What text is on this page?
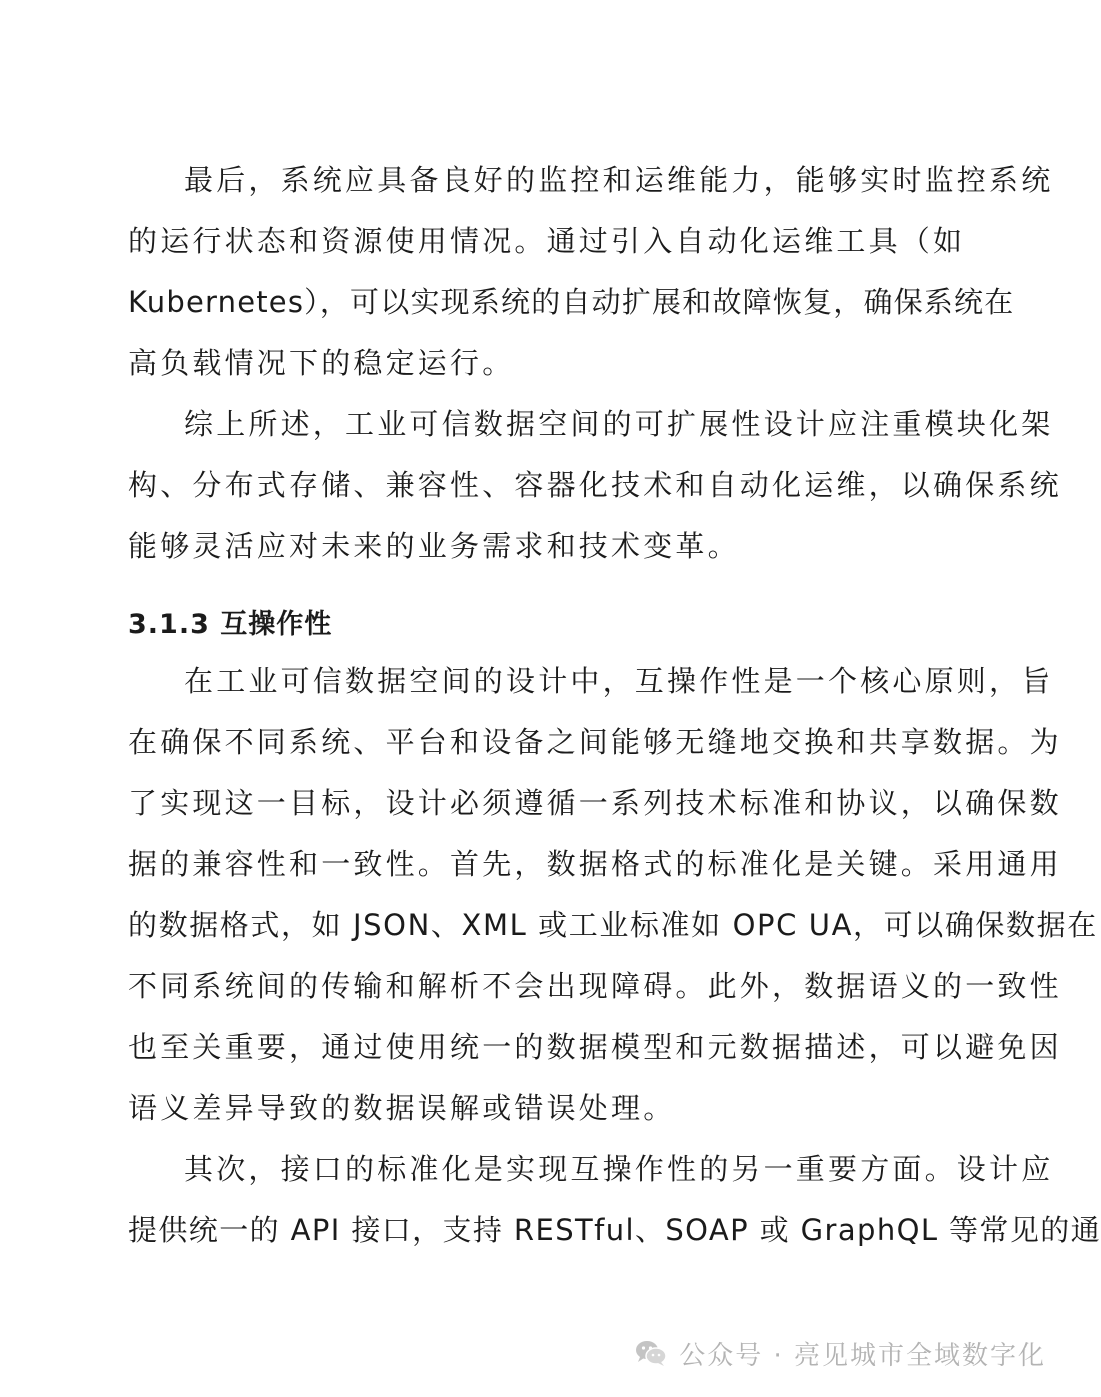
最后，系统应具备良好的监控和运维能力，能够实时监控系统
的运行状态和资源使用情况。通过引入自动化运维工具（如
Kubernetes），可以实现系统的自动扩展和故障恢复，确保系统在
高负载情况下的稳定运行。
综上所述，工业可信数据空间的可扩展性设计应注重模块化架
构、分布式存储、兼容性、容器化技术和自动化运维，以确保系统
能够灵活应对未来的业务需求和技术变革。
3.1.3 互操作性
在工业可信数据空间的设计中，互操作性是一个核心原则，旨
在确保不同系统、平台和设备之间能够无缝地交换和共享数据。为
了实现这一目标，设计必须遵循一系列技术标准和协议，以确保数
据的兼容性和一致性。首先，数据格式的标准化是关键。采用通用
的数据格式，如 JSON、XML 或工业标准如 OPC UA，可以确保数据在
不同系统间的传输和解析不会出现障碍。此外，数据语义的一致性
也至关重要，通过使用统一的数据模型和元数据描述，可以避免因
语义差异导致的数据误解或错误处理。
其次，接口的标准化是实现互操作性的另一重要方面。设计应
提供统一的 API 接口，支持 RESTful、SOAP 或 GraphQL 等常见的通
公众号 · 亮见城市全域数字化
